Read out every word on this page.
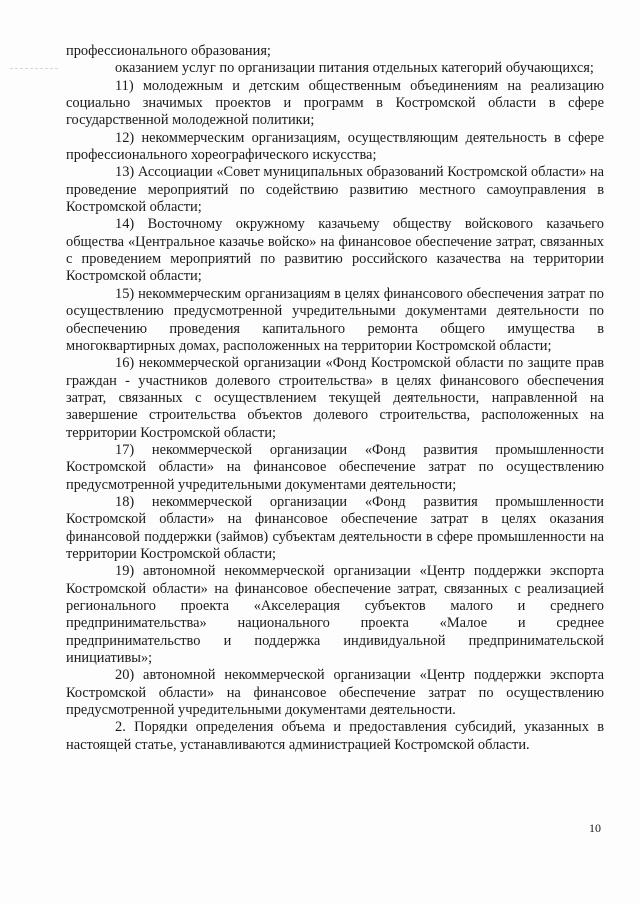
профессионального образования;

оказанием услуг по организации питания отдельных категорий обучающихся;

11) молодежным и детским общественным объединениям на реализацию социально значимых проектов и программ в Костромской области в сфере государственной молодежной политики;

12) некоммерческим организациям, осуществляющим деятельность в сфере профессионального хореографического искусства;

13) Ассоциации «Совет муниципальных образований Костромской области» на проведение мероприятий по содействию развитию местного самоуправления в Костромской области;

14) Восточному окружному казачьему обществу войскового казачьего общества «Центральное казачье войско» на финансовое обеспечение затрат, связанных с проведением мероприятий по развитию российского казачества на территории Костромской области;

15) некоммерческим организациям в целях финансового обеспечения затрат по осуществлению предусмотренной учредительными документами деятельности по обеспечению проведения капитального ремонта общего имущества в многоквартирных домах, расположенных на территории Костромской области;

16) некоммерческой организации «Фонд Костромской области по защите прав граждан - участников долевого строительства» в целях финансового обеспечения затрат, связанных с осуществлением текущей деятельности, направленной на завершение строительства объектов долевого строительства, расположенных на территории Костромской области;

17) некоммерческой организации «Фонд развития промышленности Костромской области» на финансовое обеспечение затрат по осуществлению предусмотренной учредительными документами деятельности;

18) некоммерческой организации «Фонд развития промышленности Костромской области» на финансовое обеспечение затрат в целях оказания финансовой поддержки (займов) субъектам деятельности в сфере промышленности на территории Костромской области;

19) автономной некоммерческой организации «Центр поддержки экспорта Костромской области» на финансовое обеспечение затрат, связанных с реализацией регионального проекта «Акселерация субъектов малого и среднего предпринимательства» национального проекта «Малое и среднее предпринимательство и поддержка индивидуальной предпринимательской инициативы»;

20) автономной некоммерческой организации «Центр поддержки экспорта Костромской области» на финансовое обеспечение затрат по осуществлению предусмотренной учредительными документами деятельности.

2. Порядки определения объема и предоставления субсидий, указанных в настоящей статье, устанавливаются администрацией Костромской области.

10
